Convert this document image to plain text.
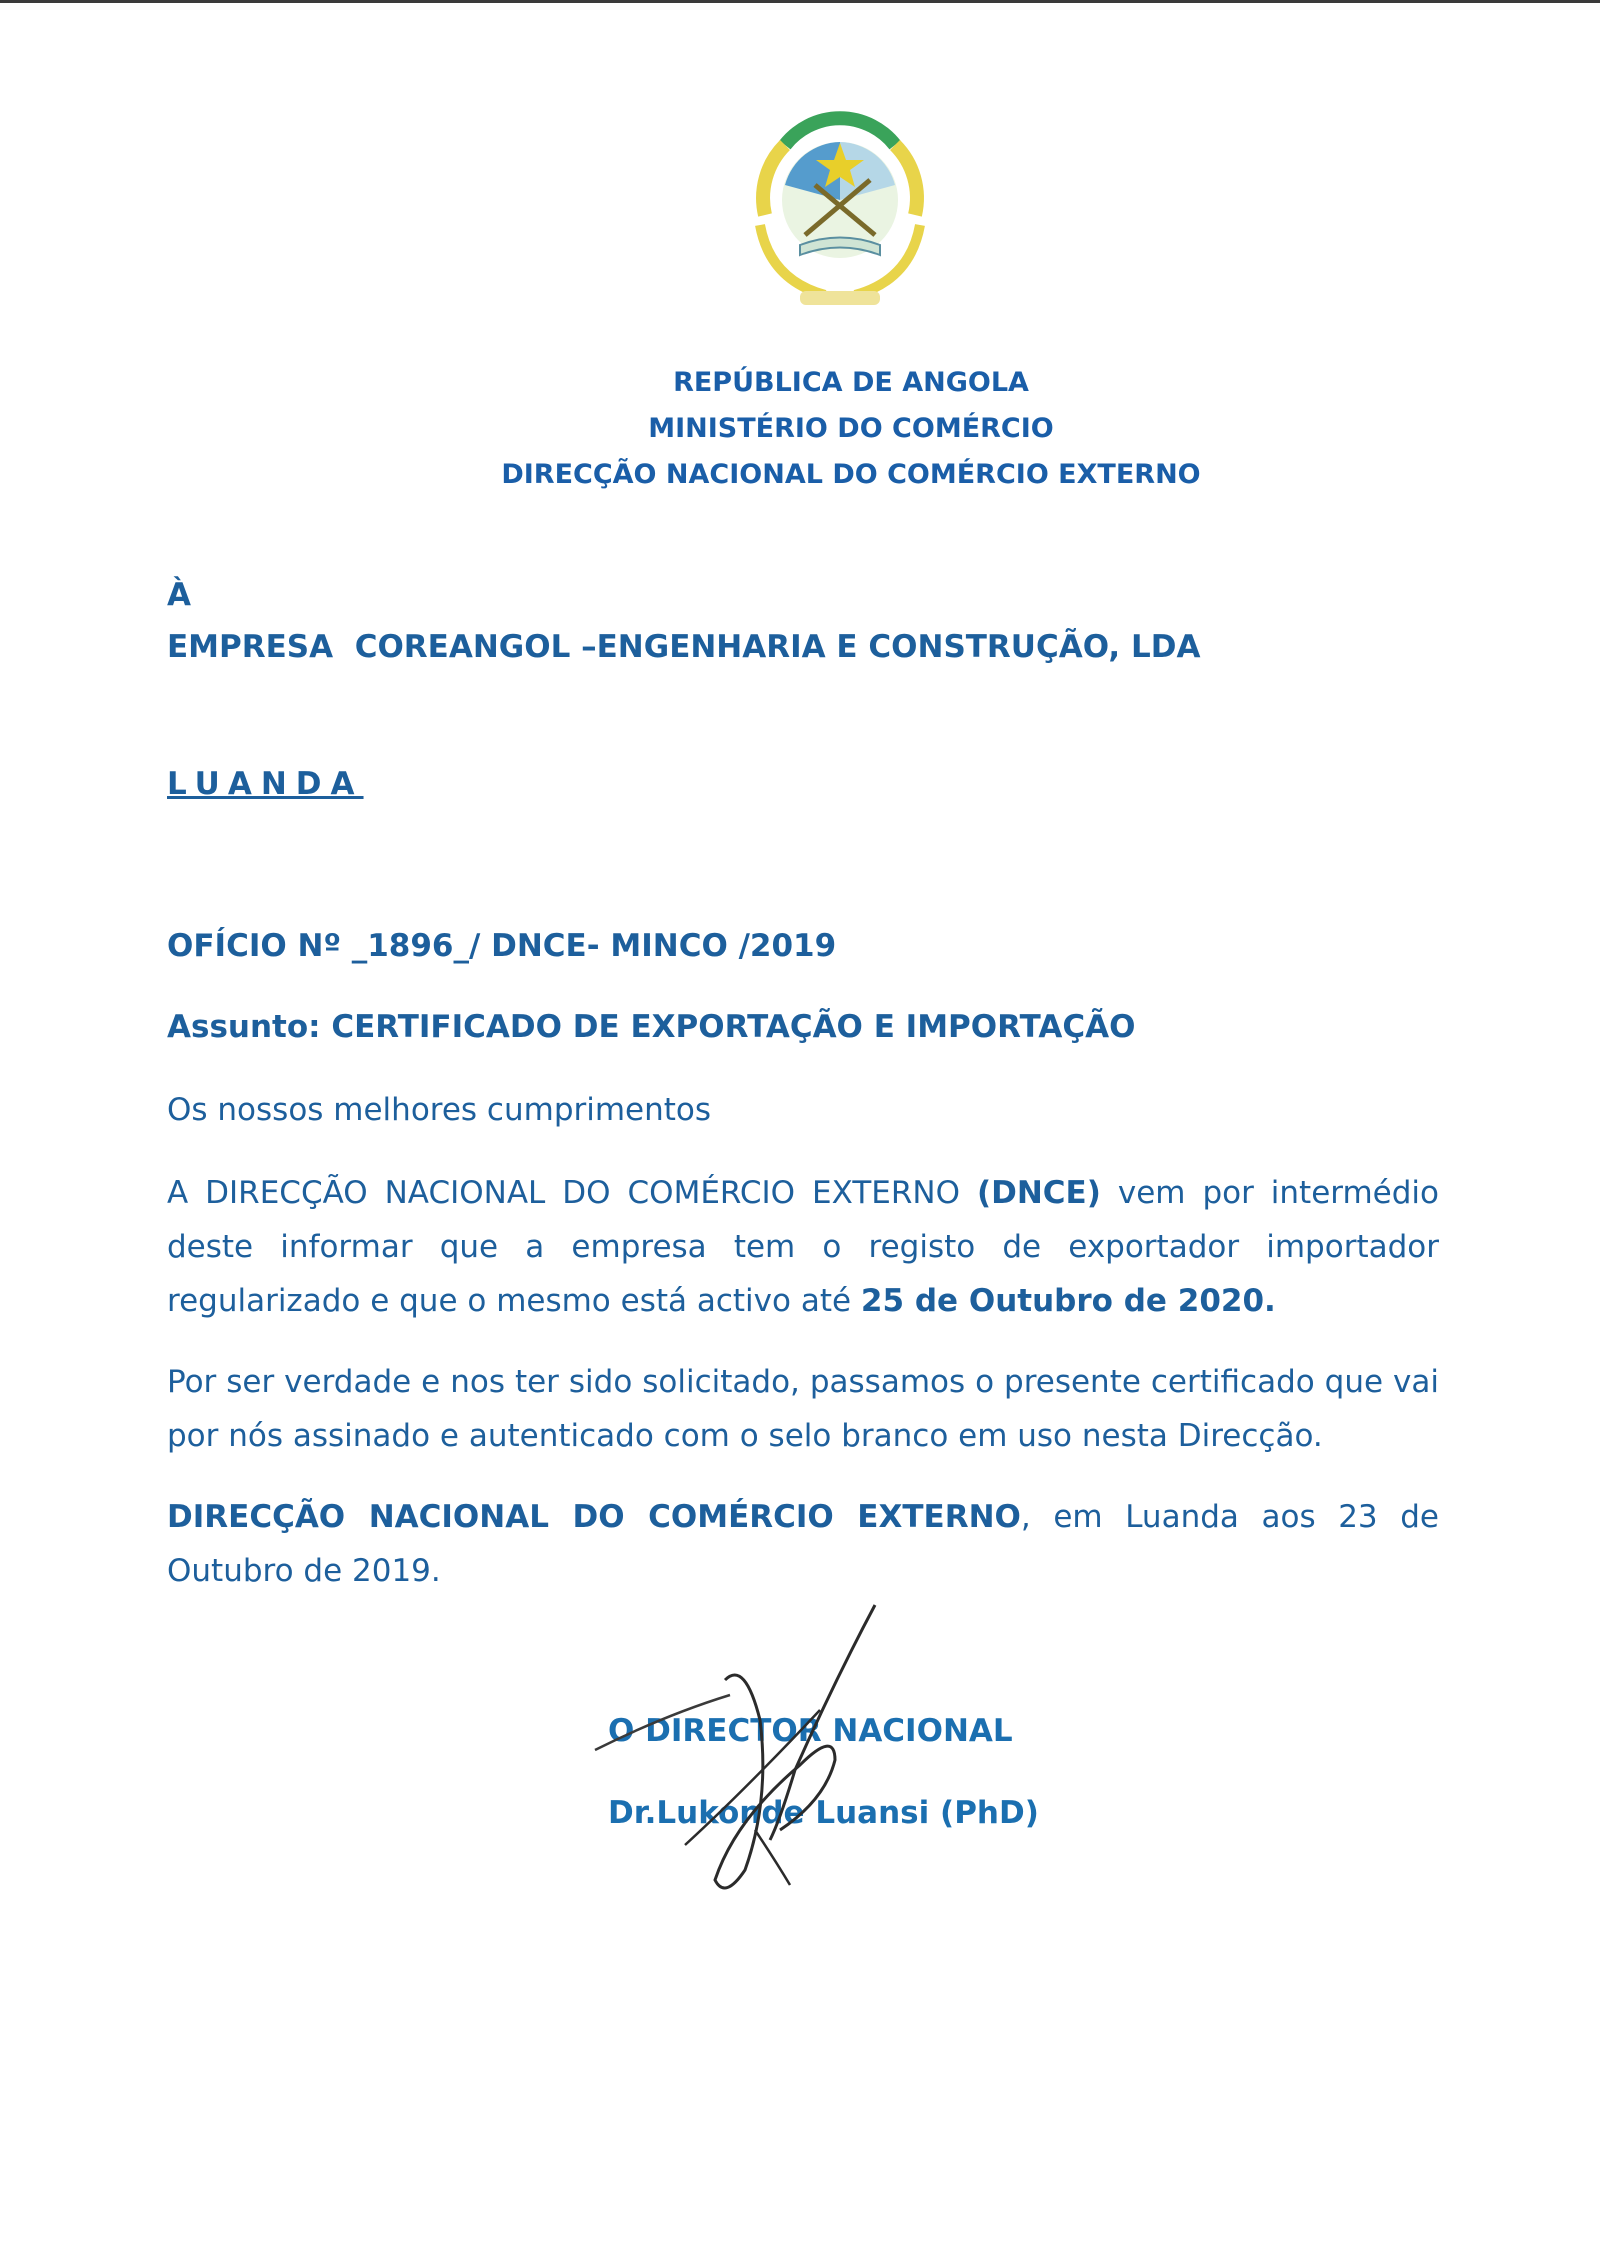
REPÚBLICA DE ANGOLA
MINISTÉRIO DO COMÉRCIO
DIRECÇÃO NACIONAL DO COMÉRCIO EXTERNO
À
EMPRESA  COREANGOL –ENGENHARIA E CONSTRUÇÃO, LDA
LUANDA
OFÍCIO Nº _1896_/ DNCE- MINCO /2019
Assunto: CERTIFICADO DE EXPORTAÇÃO E IMPORTAÇÃO
Os nossos melhores cumprimentos
A DIRECÇÃO NACIONAL DO COMÉRCIO EXTERNO (DNCE) vem por intermédio deste informar que a empresa tem o registo de exportador importador regularizado e que o mesmo está activo até 25 de Outubro de 2020.
Por ser verdade e nos ter sido solicitado, passamos o presente certificado que vai por nós assinado e autenticado com o selo branco em uso nesta Direcção.
DIRECÇÃO NACIONAL DO COMÉRCIO EXTERNO, em Luanda aos 23 de Outubro de 2019.
O DIRECTOR NACIONAL
Dr.Lukonde Luansi (PhD)
